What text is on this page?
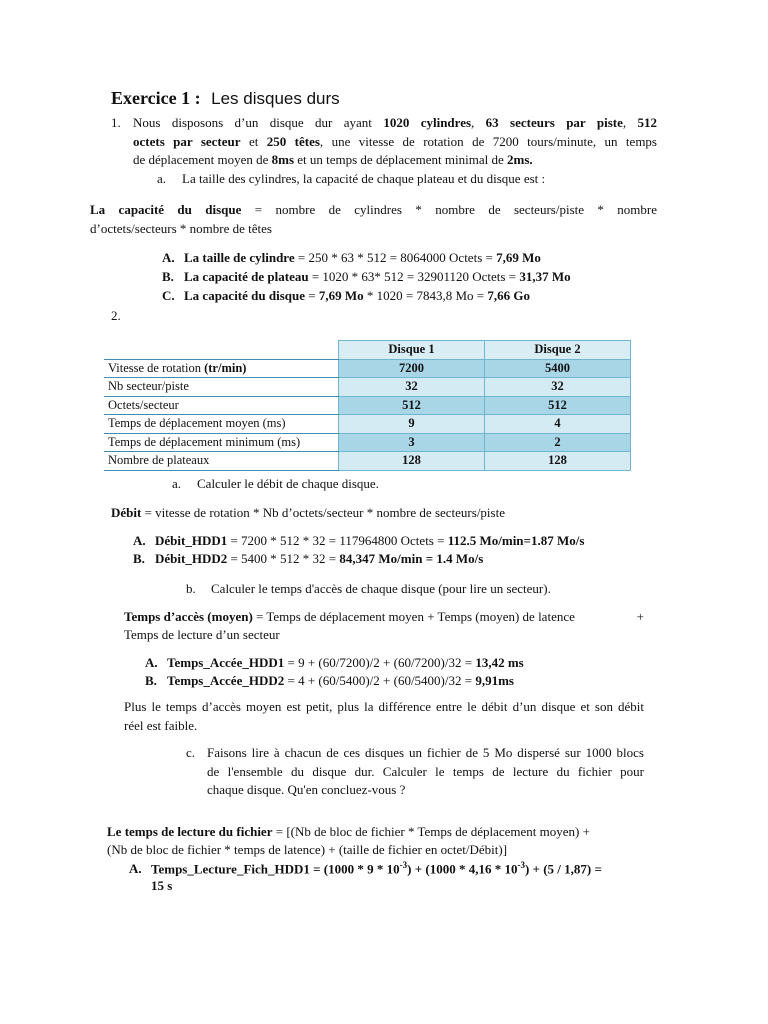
Exercice 1 : Les disques durs
1. Nous disposons d’un disque dur ayant 1020 cylindres, 63 secteurs par piste, 512
octets par secteur et 250 têtes, une vitesse de rotation de 7200 tours/minute, un temps
de déplacement moyen de 8ms et un temps de déplacement minimal de 2ms.
a. La taille des cylindres, la capacité de chaque plateau et du disque est :
La capacité du disque = nombre de cylindres * nombre de secteurs/piste * nombre
d’octets/secteurs * nombre de têtes
A. La taille de cylindre = 250 * 63 * 512 = 8064000 Octets = 7,69 Mo
B. La capacité de plateau = 1020 * 63* 512 = 32901120 Octets = 31,37 Mo
C. La capacité du disque = 7,69 Mo * 1020 = 7843,8 Mo = 7,66 Go
2.
	Disque 1	Disque 2
Vitesse de rotation (tr/min)	7200	5400
Nb secteur/piste	32	32
Octets/secteur	512	512
Temps de déplacement moyen (ms)	9	4
Temps de déplacement minimum (ms)	3	2
Nombre de plateaux	128	128
a. Calculer le débit de chaque disque.
Débit = vitesse de rotation * Nb d’octets/secteur * nombre de secteurs/piste
A. Débit_HDD1 = 7200 * 512 * 32 = 117964800 Octets = 112.5 Mo/min=1.87 Mo/s
B. Débit_HDD2 = 5400 * 512 * 32 = 84,347 Mo/min = 1.4 Mo/s
b. Calculer le temps d'accès de chaque disque (pour lire un secteur).
Temps d’accès (moyen) = Temps de déplacement moyen + Temps (moyen) de latence	+
Temps de lecture d’un secteur
A. Temps_Accée_HDD1 = 9 + (60/7200)/2 + (60/7200)/32 = 13,42 ms
B. Temps_Accée_HDD2 = 4 + (60/5400)/2 + (60/5400)/32 = 9,91ms
Plus le temps d’accès moyen est petit, plus la différence entre le débit d’un disque et son débit
réel est faible.
c. Faisons lire à chacun de ces disques un fichier de 5 Mo dispersé sur 1000 blocs
de l'ensemble du disque dur. Calculer le temps de lecture du fichier pour
chaque disque. Qu'en concluez-vous ?
Le temps de lecture du fichier = [(Nb de bloc de fichier * Temps de déplacement moyen) +
(Nb de bloc de fichier * temps de latence) + (taille de fichier en octet/Débit)]
A. Temps_Lecture_Fich_HDD1 = $(1000 * 9 * 10^{-3}) + (1000 * 4,16 * 10^{-3}) + (5 / 1,87)$ =
15 s
